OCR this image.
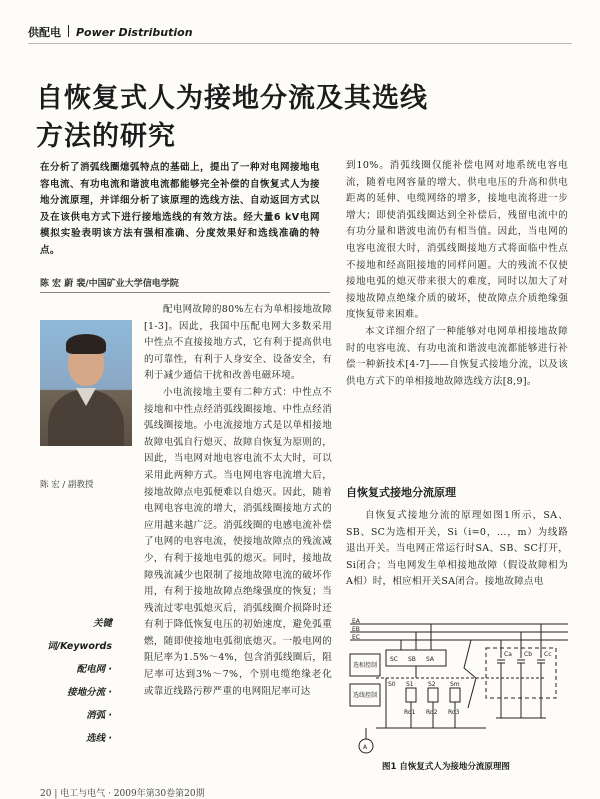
供配电 Power Distribution
自恢复式人为接地分流及其选线
方法的研究
在分析了消弧线圈熄弧特点的基础上，提出了一种对电网接地电容电流、有功电流和谐波电流都能够完全补偿的自恢复式人为接地分流原理，并详细分析了该原理的选线方法、自动返回方式以及在该供电方式下进行接地选线的有效方法。经大量6 kV电网模拟实验表明该方法有强相准确、分度效果好和选线准确的特点。
陈 宏 蔚 裴/中国矿业大学信电学院
陈 宏 / 副教授
关键词/Keywords
配电网 ·
接地分流 ·
消弧 ·
选线 ·

配电网故障的80%左右为单相接地故障[1-3]。因此，我国中压配电网大多数采用中性点不直接接地方式，它有利于提高供电的可靠性，有利于人身安全、设备安全，有利于减少通信干扰和改善电磁环境。

小电流接地主要有二种方式：中性点不接地和中性点经消弧线圈接地、中性点经消弧线圈接地。小电流接地方式是以单相接地故障电弧自行熄灭、故障自恢复为原则的，因此，当电网对地电容电流不太大时，可以采用此两种方式。当电网电容电流增大后，接地故障点电弧便难以自熄灭。因此，随着电网电容电流的增大，消弧线圈接地方式的应用越来越广泛。消弧线圈的电感电流补偿了电网的电容电流，使接地故障点的残流减少，有利于接地电弧的熄灭。同时，接地故障残流减少也限制了接地故障电流的破坏作用，有利于接地故障点绝缘强度的恢复；当残流过零电弧熄灭后，消弧线圈介损降时还有利于降低恢复电压的初始速度，避免弧重燃，随即使接地电弧彻底熄灭。一般电网的阻尼率为1.5%～4%，包含消弧线圈后，阻尼率可达到3%～7%，个别电缆绝缘老化或靠近线路污秽严重的电网阻尼率可达

到10%。消弧线圈仅能补偿电网对地系统电容电流，随着电网容量的增大、供电电压的升高和供电距离的延伸、电缆网络的增多，接地电流将进一步增大；即使消弧线圈达到全补偿后，残留电流中的有功分量和谐波电流仍有相当值。因此，当电网的电容电流很大时，消弧线圈接地方式将面临中性点不接地和经高阻接地的同样问题。大的残流不仅使接地电弧的熄灭带来很大的难度，同时以加大了对接地故障点绝缘介质的破坏，使故障点介质绝缘强度恢复带来困难。

本文详细介绍了一种能够对电网单相接地故障时的电容电流、有功电流和谐波电流都能够进行补偿一种新技术[4-7]——自恢复式接地分流，以及该供电方式下的单相接地故障选线方法[8,9]。

自恢复式接地分流原理

自恢复式接地分流的原理如图1所示，SA、SB、SC为选相开关，Si（i=0，…，m）为线路退出开关。当电网正常运行时SA、SB、SC打开，Si闭合；当电网发生单相接地故障（假设故障相为A相）时，相应相开关SA闭合。接地故障点电

EA
EB
EC
选相控制
选线控制
SC SB SA
S0 S1 S2 Sm
Ca Cb Cc
Ro1 Ro2 Ro3
A
图1 自恢复式人为接地分流原理图
20 | 电工与电气 · 2009年第30卷第20期
